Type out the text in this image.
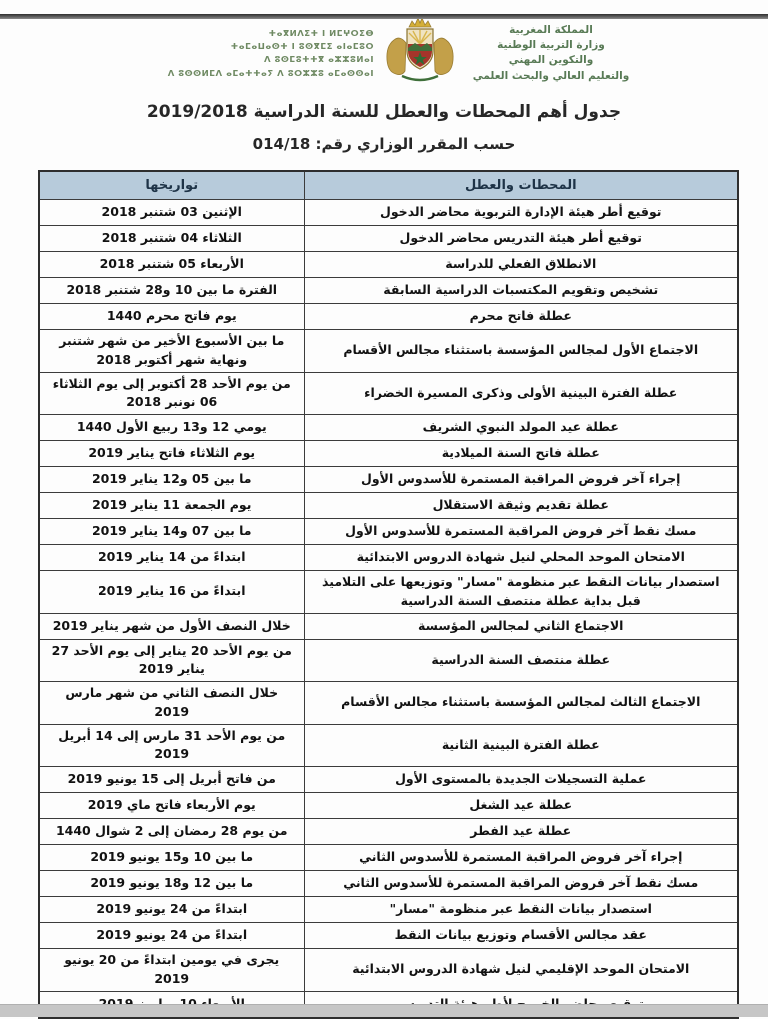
ⵜⴰⴳⵍⴷⵉⵜ ⵏ ⵍⵎⵖⵔⵉⴱ
ⵜⴰⵎⴰⵡⴰⵙⵜ ⵏ ⵓⵙⴳⵎⵉ ⴰⵏⴰⵎⵓⵔ
ⴷ ⵓⵙⵎⵓⵜⵜⴳ ⴰⵣⵣⵓⵍⴰⵏ
ⴷ ⵓⵙⵙⵍⵎⴷ ⴰⵎⴰⵜⵜⴰⵢ ⴷ ⵓⵔⵣⵣⵓ ⴰⵎⴰⵙⵙⴰⵏ
المملكة المغربية
وزارة التربية الوطنية
والتكوين المهني
والتعليم العالي والبحث العلمي
جدول أهم المحطات والعطل للسنة الدراسية 2019/2018
حسب المقرر الوزاري رقم: 014/18
المحطات والعطل	تواريخها
توقيع أطر هيئة الإدارة التربوية محاضر الدخول	الإثنين 03 شتنبر 2018
توقيع أطر هيئة التدريس محاضر الدخول	الثلاثاء 04 شتنبر 2018
الانطلاق الفعلي للدراسة	الأربعاء 05 شتنبر 2018
تشخيص وتقويم المكتسبات الدراسية السابقة	الفترة ما بين 10 و28 شتنبر 2018
عطلة فاتح محرم	يوم فاتح محرم 1440
الاجتماع الأول لمجالس المؤسسة باستثناء مجالس الأقسام	ما بين الأسبوع الأخير من شهر شتنبر ونهاية شهر أكتوبر 2018
عطلة الفترة البينية الأولى وذكرى المسيرة الخضراء	من يوم الأحد 28 أكتوبر إلى يوم الثلاثاء 06 نونبر 2018
عطلة عيد المولد النبوي الشريف	يومي 12 و13 ربيع الأول 1440
عطلة فاتح السنة الميلادية	يوم الثلاثاء فاتح يناير 2019
إجراء آخر فروض المراقبة المستمرة للأسدوس الأول	ما بين 05 و12 يناير 2019
عطلة تقديم وثيقة الاستقلال	يوم الجمعة 11 يناير 2019
مسك نقط آخر فروض المراقبة المستمرة للأسدوس الأول	ما بين 07 و14 يناير 2019
الامتحان الموحد المحلي لنيل شهادة الدروس الابتدائية	ابتداءً من 14 يناير 2019
استصدار بيانات النقط عبر منظومة "مسار" وتوزيعها على التلاميذ قبل بداية عطلة منتصف السنة الدراسية	ابتداءً من 16 يناير 2019
الاجتماع الثاني لمجالس المؤسسة	خلال النصف الأول من شهر يناير 2019
عطلة منتصف السنة الدراسية	من يوم الأحد 20 يناير إلى يوم الأحد 27 يناير 2019
الاجتماع الثالث لمجالس المؤسسة باستثناء مجالس الأقسام	خلال النصف الثاني من شهر مارس 2019
عطلة الفترة البينية الثانية	من يوم الأحد 31 مارس إلى 14 أبريل 2019
عملية التسجيلات الجديدة بالمستوى الأول	من فاتح أبريل إلى 15 يونيو 2019
عطلة عيد الشغل	يوم الأربعاء فاتح ماي 2019
عطلة عيد الفطر	من يوم 28 رمضان إلى 2 شوال 1440
إجراء آخر فروض المراقبة المستمرة للأسدوس الثاني	ما بين 10 و15 يونيو 2019
مسك نقط آخر فروض المراقبة المستمرة للأسدوس الثاني	ما بين 12 و18 يونيو 2019
استصدار بيانات النقط عبر منظومة "مسار"	ابتداءً من 24 يونيو 2019
عقد مجالس الأقسام وتوزيع بيانات النقط	ابتداءً من 24 يونيو 2019
الامتحان الموحد الإقليمي لنيل شهادة الدروس الابتدائية	يجرى في يومين ابتداءً من 20 يونيو 2019
